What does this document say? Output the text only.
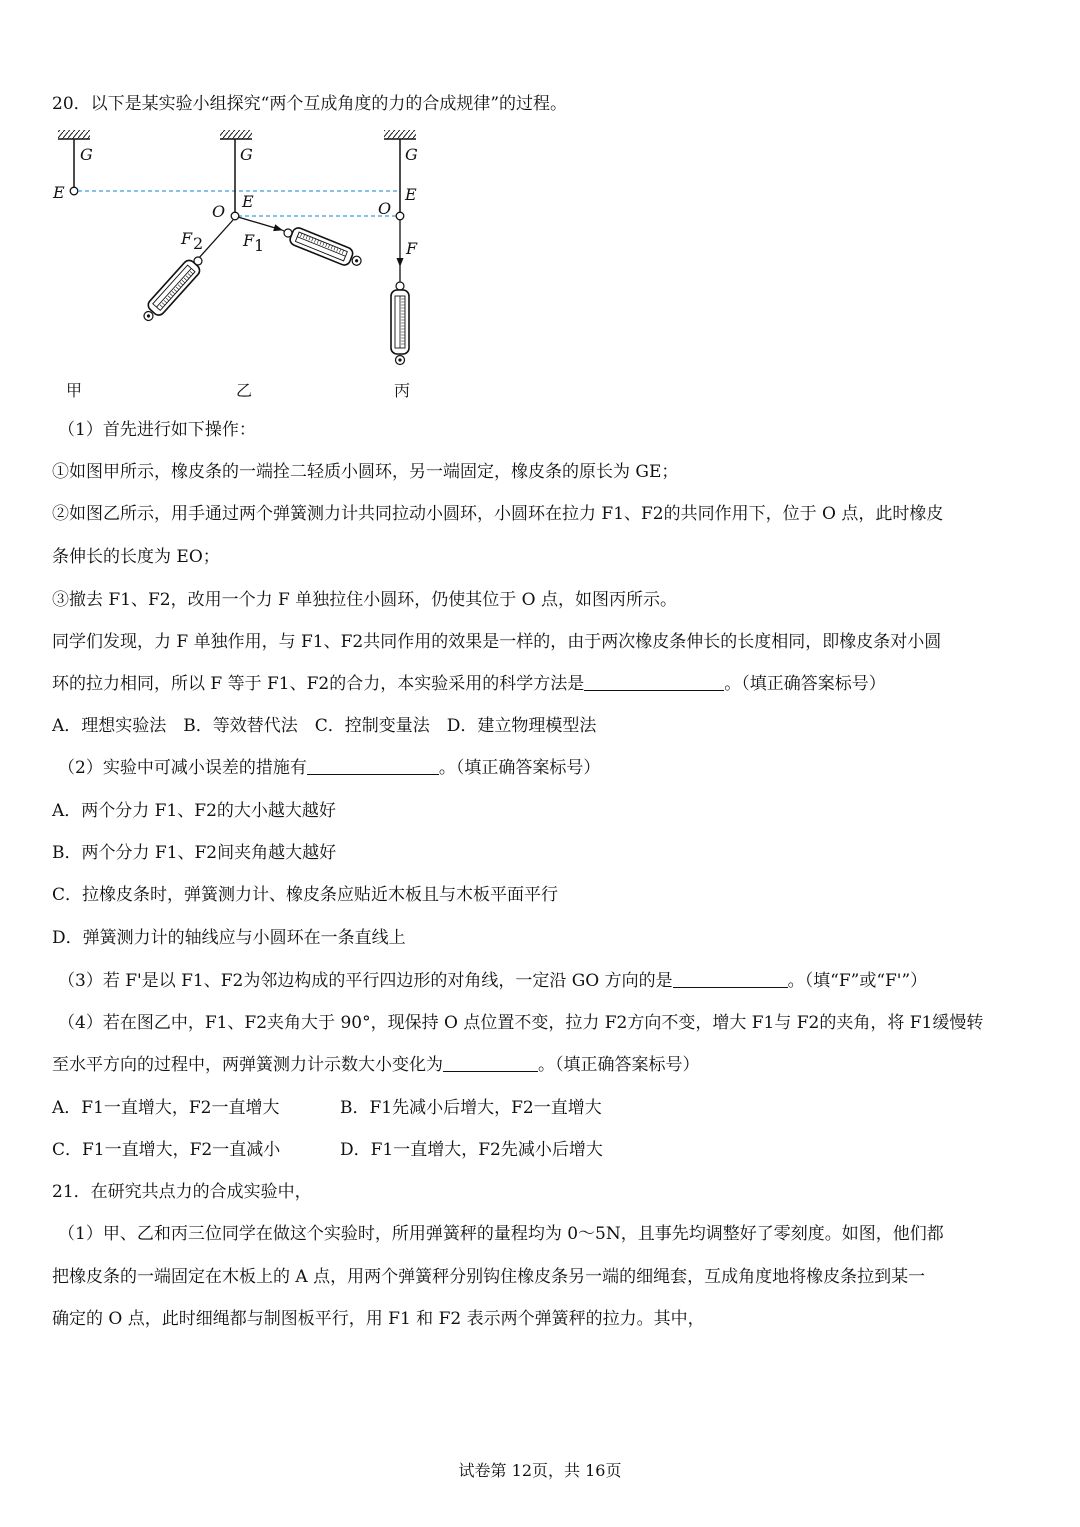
20．以下是某实验小组探究“两个互成角度的力的合成规律”的过程。
G
E
甲
G
E
O
F 1
F 2
乙
G
E
O
F
丙
（1）首先进行如下操作：
①如图甲所示，橡皮条的一端拴二轻质小圆环，另一端固定，橡皮条的原长为 GE；
②如图乙所示，用手通过两个弹簧测力计共同拉动小圆环，小圆环在拉力 F1、F2的共同作用下，位于 O 点，此时橡皮
条伸长的长度为 EO；
③撤去 F1、F2，改用一个力 F 单独拉住小圆环，仍使其位于 O 点，如图丙所示。
同学们发现，力 F 单独作用，与 F1、F2共同作用的效果是一样的，由于两次橡皮条伸长的长度相同，即橡皮条对小圆
环的拉力相同，所以 F 等于 F1、F2的合力，本实验采用的科学方法是	。（填正确答案标号）
A．理想实验法　B．等效替代法　C．控制变量法　D．建立物理模型法
（2）实验中可减小误差的措施有	。（填正确答案标号）
A．两个分力 F1、F2的大小越大越好
B．两个分力 F1、F2间夹角越大越好
C．拉橡皮条时，弹簧测力计、橡皮条应贴近木板且与木板平面平行
D．弹簧测力计的轴线应与小圆环在一条直线上
（3）若 F'是以 F1、F2为邻边构成的平行四边形的对角线，一定沿 GO 方向的是	。（填“F”或“F'”）
（4）若在图乙中，F1、F2夹角大于 90°，现保持 O 点位置不变，拉力 F2方向不变，增大 F1与 F2的夹角，将 F1缓慢转
至水平方向的过程中，两弹簧测力计示数大小变化为	。（填正确答案标号）
A．F1一直增大，F2一直增大	B．F1先减小后增大，F2一直增大
C．F1一直增大，F2一直减小	D．F1一直增大，F2先减小后增大
21．在研究共点力的合成实验中，
（1）甲、乙和丙三位同学在做这个实验时，所用弹簧秤的量程均为 0～5N，且事先均调整好了零刻度。如图，他们都
把橡皮条的一端固定在木板上的 A 点，用两个弹簧秤分别钩住橡皮条另一端的细绳套，互成角度地将橡皮条拉到某一
确定的 O 点，此时细绳都与制图板平行，用 F1 和 F2 表示两个弹簧秤的拉力。其中，
试卷第 12页，共 16页
